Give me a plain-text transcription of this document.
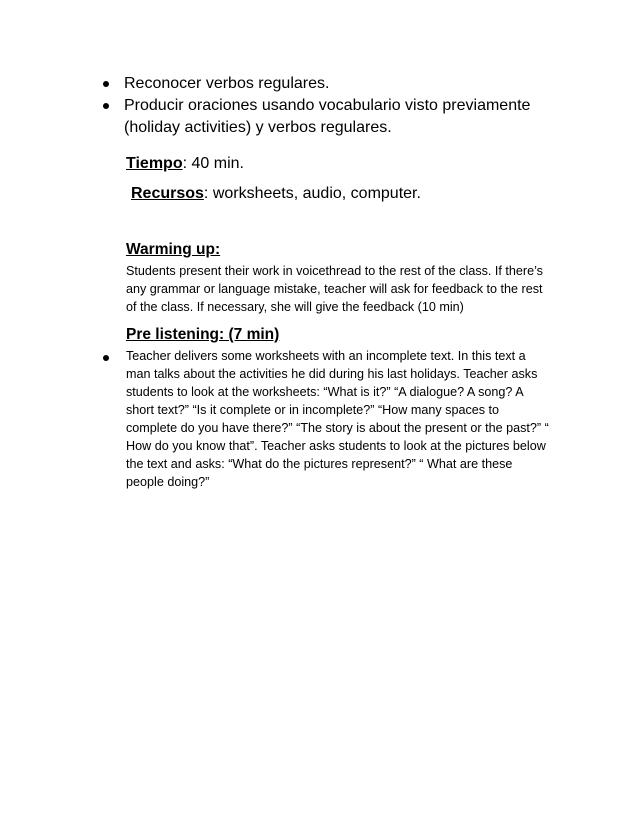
Reconocer verbos regulares.
Producir oraciones usando vocabulario visto previamente
(holiday activities) y verbos regulares.
Tiempo: 40 min.
Recursos: worksheets, audio, computer.
Warming up:
Students present their work in voicethread to the rest of the class. If there’s
any grammar or language mistake, teacher will ask for feedback to the rest
of the class. If necessary, she will give the feedback (10 min)
Pre listening: (7 min)
Teacher delivers some worksheets with an incomplete text. In this text a
man talks about the activities he did during his last holidays. Teacher asks
students to look at the worksheets: “What is it?” “A dialogue? A song? A
short text?” “Is it complete or in incomplete?” “How many spaces to
complete do you have there?” “The story is about the present or the past?” “
How do you know that”. Teacher asks students to look at the pictures below
the text and asks: “What do the pictures represent?” “ What are these
people doing?”
